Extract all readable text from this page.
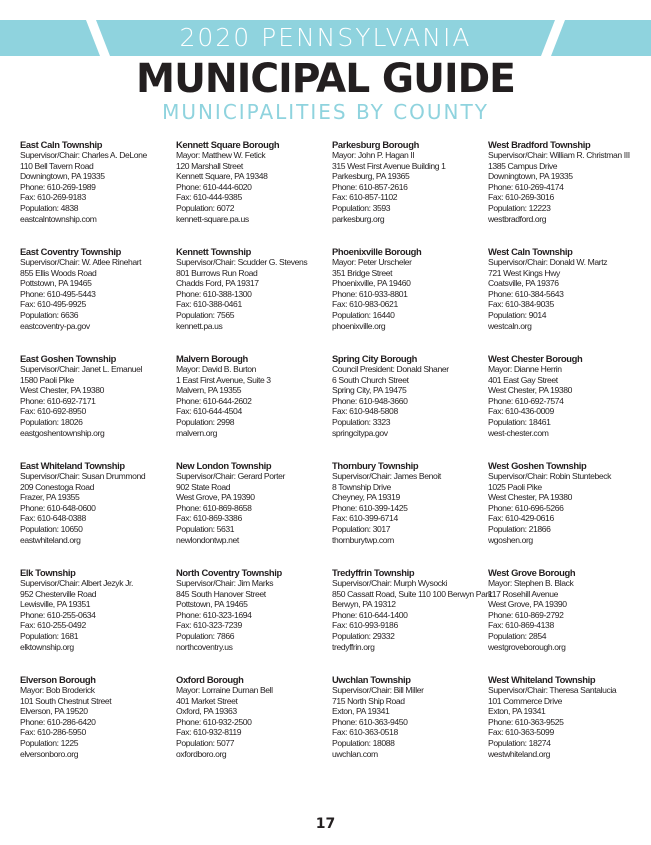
2020 PENNSYLVANIA
MUNICIPAL GUIDE
MUNICIPALITIES BY COUNTY
East Caln Township
Supervisor/Chair: Charles A. DeLone
110 Bell Tavern Road
Downingtown, PA 19335
Phone: 610-269-1989
Fax: 610-269-9183
Population: 4838
eastcalntownship.com
East Coventry Township
Supervisor/Chair: W. Atlee Rinehart
855 Ellis Woods Road
Pottstown, PA 19465
Phone: 610-495-5443
Fax: 610-495-9925
Population: 6636
eastcoventry-pa.gov
East Goshen Township
Supervisor/Chair: Janet L. Emanuel
1580 Paoli Pike
West Chester, PA 19380
Phone: 610-692-7171
Fax: 610-692-8950
Population: 18026
eastgoshentownship.org
East Whiteland Township
Supervisor/Chair: Susan Drummond
209 Conestoga Road
Frazer, PA 19355
Phone: 610-648-0600
Fax: 610-648-0388
Population: 10650
eastwhiteland.org
Elk Township
Supervisor/Chair: Albert Jezyk Jr.
952 Chesterville Road
Lewisville, PA 19351
Phone: 610-255-0634
Fax: 610-255-0492
Population: 1681
elktownship.org
Elverson Borough
Mayor: Bob Broderick
101 South Chestnut Street
Elverson, PA 19520
Phone: 610-286-6420
Fax: 610-286-5950
Population: 1225
elversonboro.org
Kennett Square Borough
Mayor: Matthew W. Fetick
120 Marshall Street
Kennett Square, PA 19348
Phone: 610-444-6020
Fax: 610-444-9385
Population: 6072
kennett-square.pa.us
Kennett Township
Supervisor/Chair: Scudder G. Stevens
801 Burrows Run Road
Chadds Ford, PA 19317
Phone: 610-388-1300
Fax: 610-388-0461
Population: 7565
kennett.pa.us
Malvern Borough
Mayor: David B. Burton
1 East First Avenue, Suite 3
Malvern, PA 19355
Phone: 610-644-2602
Fax: 610-644-4504
Population: 2998
malvern.org
New London Township
Supervisor/Chair: Gerard Porter
902 State Road
West Grove, PA 19390
Phone: 610-869-8658
Fax: 610-869-3386
Population: 5631
newlondontwp.net
North Coventry Township
Supervisor/Chair: Jim Marks
845 South Hanover Street
Pottstown, PA 19465
Phone: 610-323-1694
Fax: 610-323-7239
Population: 7866
northcoventry.us
Oxford Borough
Mayor: Lorraine Durnan Bell
401 Market Street
Oxford, PA 19363
Phone: 610-932-2500
Fax: 610-932-8119
Population: 5077
oxfordboro.org
Parkesburg Borough
Mayor: John P. Hagan II
315 West First Avenue Building 1
Parkesburg, PA 19365
Phone: 610-857-2616
Fax: 610-857-1102
Population: 3593
parkesburg.org
Phoenixville Borough
Mayor: Peter Urscheler
351 Bridge Street
Phoenixville, PA 19460
Phone: 610-933-8801
Fax: 610-983-0621
Population: 16440
phoenixville.org
Spring City Borough
Council President: Donald Shaner
6 South Church Street
Spring City, PA 19475
Phone: 610-948-3660
Fax: 610-948-5808
Population: 3323
springcitypa.gov
Thornbury Township
Supervisor/Chair: James Benoit
8 Township Drive
Cheyney, PA 19319
Phone: 610-399-1425
Fax: 610-399-6714
Population: 3017
thornburytwp.com
Tredyffrin Township
Supervisor/Chair: Murph Wysocki
850 Cassatt Road, Suite 110 100 Berwyn Park
Berwyn, PA 19312
Phone: 610-644-1400
Fax: 610-993-9186
Population: 29332
tredyffrin.org
Uwchlan Township
Supervisor/Chair: Bill Miller
715 North Ship Road
Exton, PA 19341
Phone: 610-363-9450
Fax: 610-363-0518
Population: 18088
uwchlan.com
West Bradford Township
Supervisor/Chair: William R. Christman III
1385 Campus Drive
Downingtown, PA 19335
Phone: 610-269-4174
Fax: 610-269-3016
Population: 12223
westbradford.org
West Caln Township
Supervisor/Chair: Donald W. Martz
721 West Kings Hwy
Coatsville, PA 19376
Phone: 610-384-5643
Fax: 610-384-9035
Population: 9014
westcaln.org
West Chester Borough
Mayor: Dianne Herrin
401 East Gay Street
West Chester, PA 19380
Phone: 610-692-7574
Fax: 610-436-0009
Population: 18461
west-chester.com
West Goshen Township
Supervisor/Chair: Robin Stuntebeck
1025 Paoli Pike
West Chester, PA 19380
Phone: 610-696-5266
Fax: 610-429-0616
Population: 21866
wgoshen.org
West Grove Borough
Mayor: Stephen B. Black
117 Rosehill Avenue
West Grove, PA 19390
Phone: 610-869-2792
Fax: 610-869-4138
Population: 2854
westgroveborough.org
West Whiteland Township
Supervisor/Chair: Theresa Santalucia
101 Commerce Drive
Exton, PA 19341
Phone: 610-363-9525
Fax: 610-363-5099
Population: 18274
westwhiteland.org
17
